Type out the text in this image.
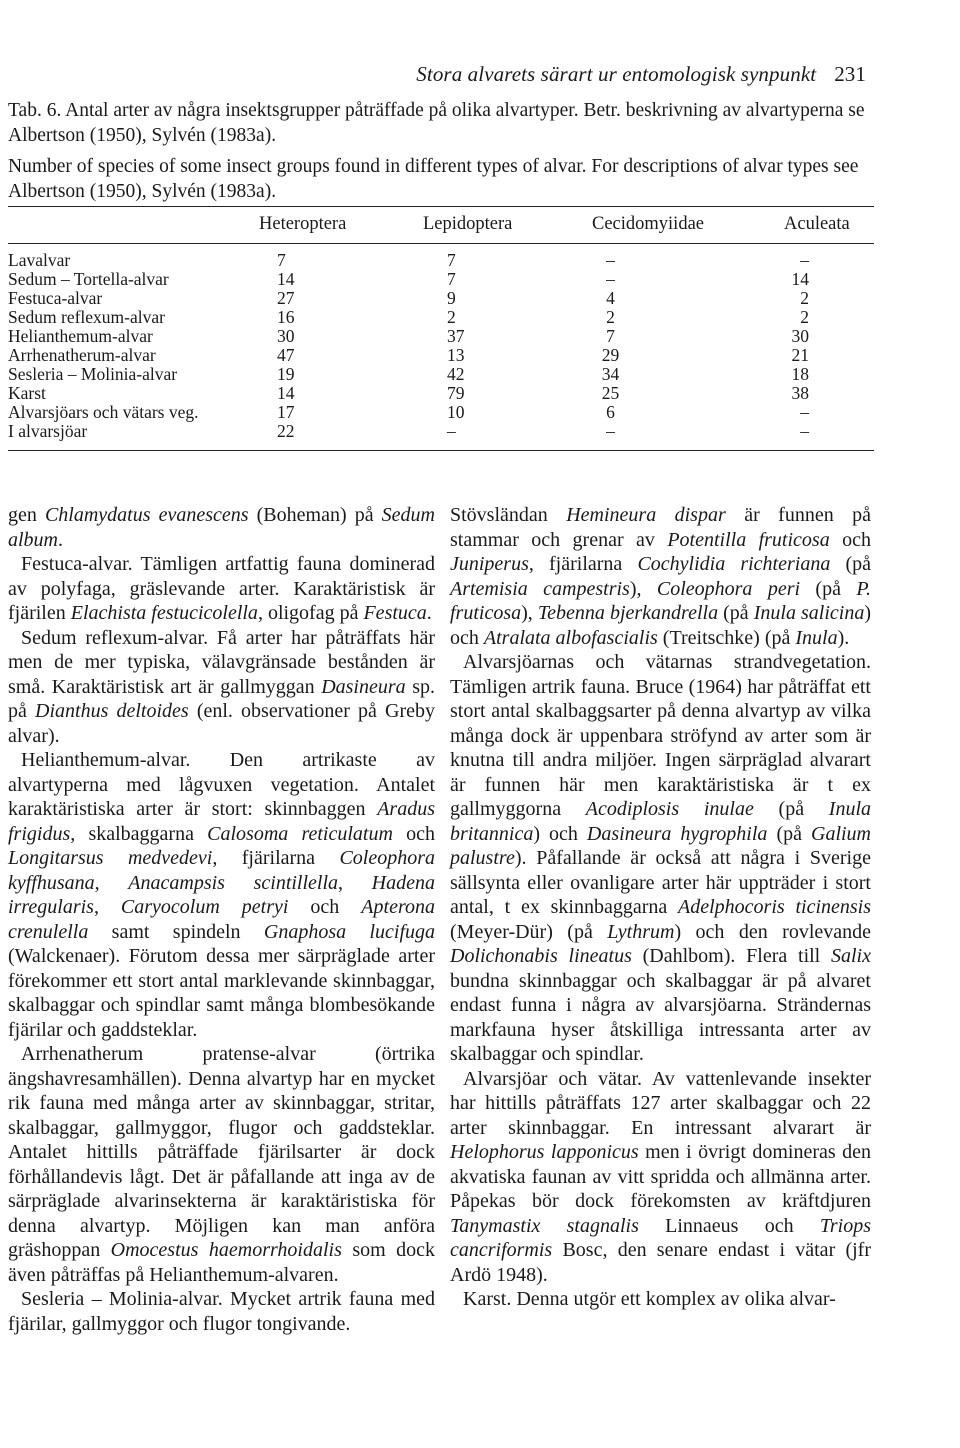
Stora alvarets särart ur entomologisk synpunkt 231
Tab. 6. Antal arter av några insektsgrupper påträffade på olika alvartyper. Betr. beskrivning av alvartyperna se Albertson (1950), Sylvén (1983a).
Number of species of some insect groups found in different types of alvar. For descriptions of alvar types see Albertson (1950), Sylvén (1983a).
Heteroptera	Lepidoptera	Cecidomyiidae	Aculeata
Lavalvar	7	7	–	–
Sedum – Tortella-alvar	14	7	–	14
Festuca-alvar	27	9	4	2
Sedum reflexum-alvar	16	2	2	2
Helianthemum-alvar	30	37	7	30
Arrhenatherum-alvar	47	13	29	21
Sesleria – Molinia-alvar	19	42	34	18
Karst	14	79	25	38
Alvarsjöars och vätars veg.	17	10	6	–
I alvarsjöar	22	–	–	–

gen Chlamydatus evanescens (Boheman) på Sedum album.

Festuca-alvar. Tämligen artfattig fauna dominerad av polyfaga, gräslevande arter. Karaktäristisk är fjärilen Elachista festucicolella, oligofag på Festuca.

Sedum reflexum-alvar. Få arter har påträffats här men de mer typiska, välavgränsade bestånden är små. Karaktäristisk art är gallmyggan Dasineura sp. på Dianthus deltoides (enl. observationer på Greby alvar).

Helianthemum-alvar. Den artrikaste av alvartyperna med lågvuxen vegetation. Antalet karaktäristiska arter är stort: skinnbaggen Aradus frigidus, skalbaggarna Calosoma reticulatum och Longitarsus medvedevi, fjärilarna Coleophora kyffhusana, Anacampsis scintillella, Hadena irregularis, Caryocolum petryi och Apterona crenulella samt spindeln Gnaphosa lucifuga (Walckenaer). Förutom dessa mer särpräglade arter förekommer ett stort antal marklevande skinnbaggar, skalbaggar och spindlar samt många blombesökande fjärilar och gaddsteklar.

Arrhenatherum pratense-alvar (örtrika ängshavresamhällen). Denna alvartyp har en mycket rik fauna med många arter av skinnbaggar, stritar, skalbaggar, gallmyggor, flugor och gaddsteklar. Antalet hittills påträffade fjärilsarter är dock förhållandevis lågt. Det är påfallande att inga av de särpräglade alvarinsekterna är karaktäristiska för denna alvartyp. Möjligen kan man anföra gräshoppan Omocestus haemorrhoidalis som dock även påträffas på Helianthemum-alvaren.

Sesleria – Molinia-alvar. Mycket artrik fauna med fjärilar, gallmyggor och flugor tongivande.

Stövsländan Hemineura dispar är funnen på stammar och grenar av Potentilla fruticosa och Juniperus, fjärilarna Cochylidia richteriana (på Artemisia campestris), Coleophora peri (på P. fruticosa), Tebenna bjerkandrella (på Inula salicina) och Atralata albofascialis (Treitschke) (på Inula).

Alvarsjöarnas och vätarnas strandvegetation. Tämligen artrik fauna. Bruce (1964) har påträffat ett stort antal skalbaggsarter på denna alvartyp av vilka många dock är uppenbara ströfynd av arter som är knutna till andra miljöer. Ingen särpräglad alvarart är funnen här men karaktäristiska är t ex gallmyggorna Acodiplosis inulae (på Inula britannica) och Dasineura hygrophila (på Galium palustre). Påfallande är också att några i Sverige sällsynta eller ovanligare arter här uppträder i stort antal, t ex skinnbaggarna Adelphocoris ticinensis (Meyer-Dür) (på Lythrum) och den rovlevande Dolichonabis lineatus (Dahlbom). Flera till Salix bundna skinnbaggar och skalbaggar är på alvaret endast funna i några av alvarsjöarna. Strändernas markfauna hyser åtskilliga intressanta arter av skalbaggar och spindlar.

Alvarsjöar och vätar. Av vattenlevande insekter har hittills påträffats 127 arter skalbaggar och 22 arter skinnbaggar. En intressant alvarart är Helophorus lapponicus men i övrigt domineras den akvatiska faunan av vitt spridda och allmänna arter. Påpekas bör dock förekomsten av kräftdjuren Tanymastix stagnalis Linnaeus och Triops cancriformis Bosc, den senare endast i vätar (jfr Ardö 1948).

Karst. Denna utgör ett komplex av olika alvar-
